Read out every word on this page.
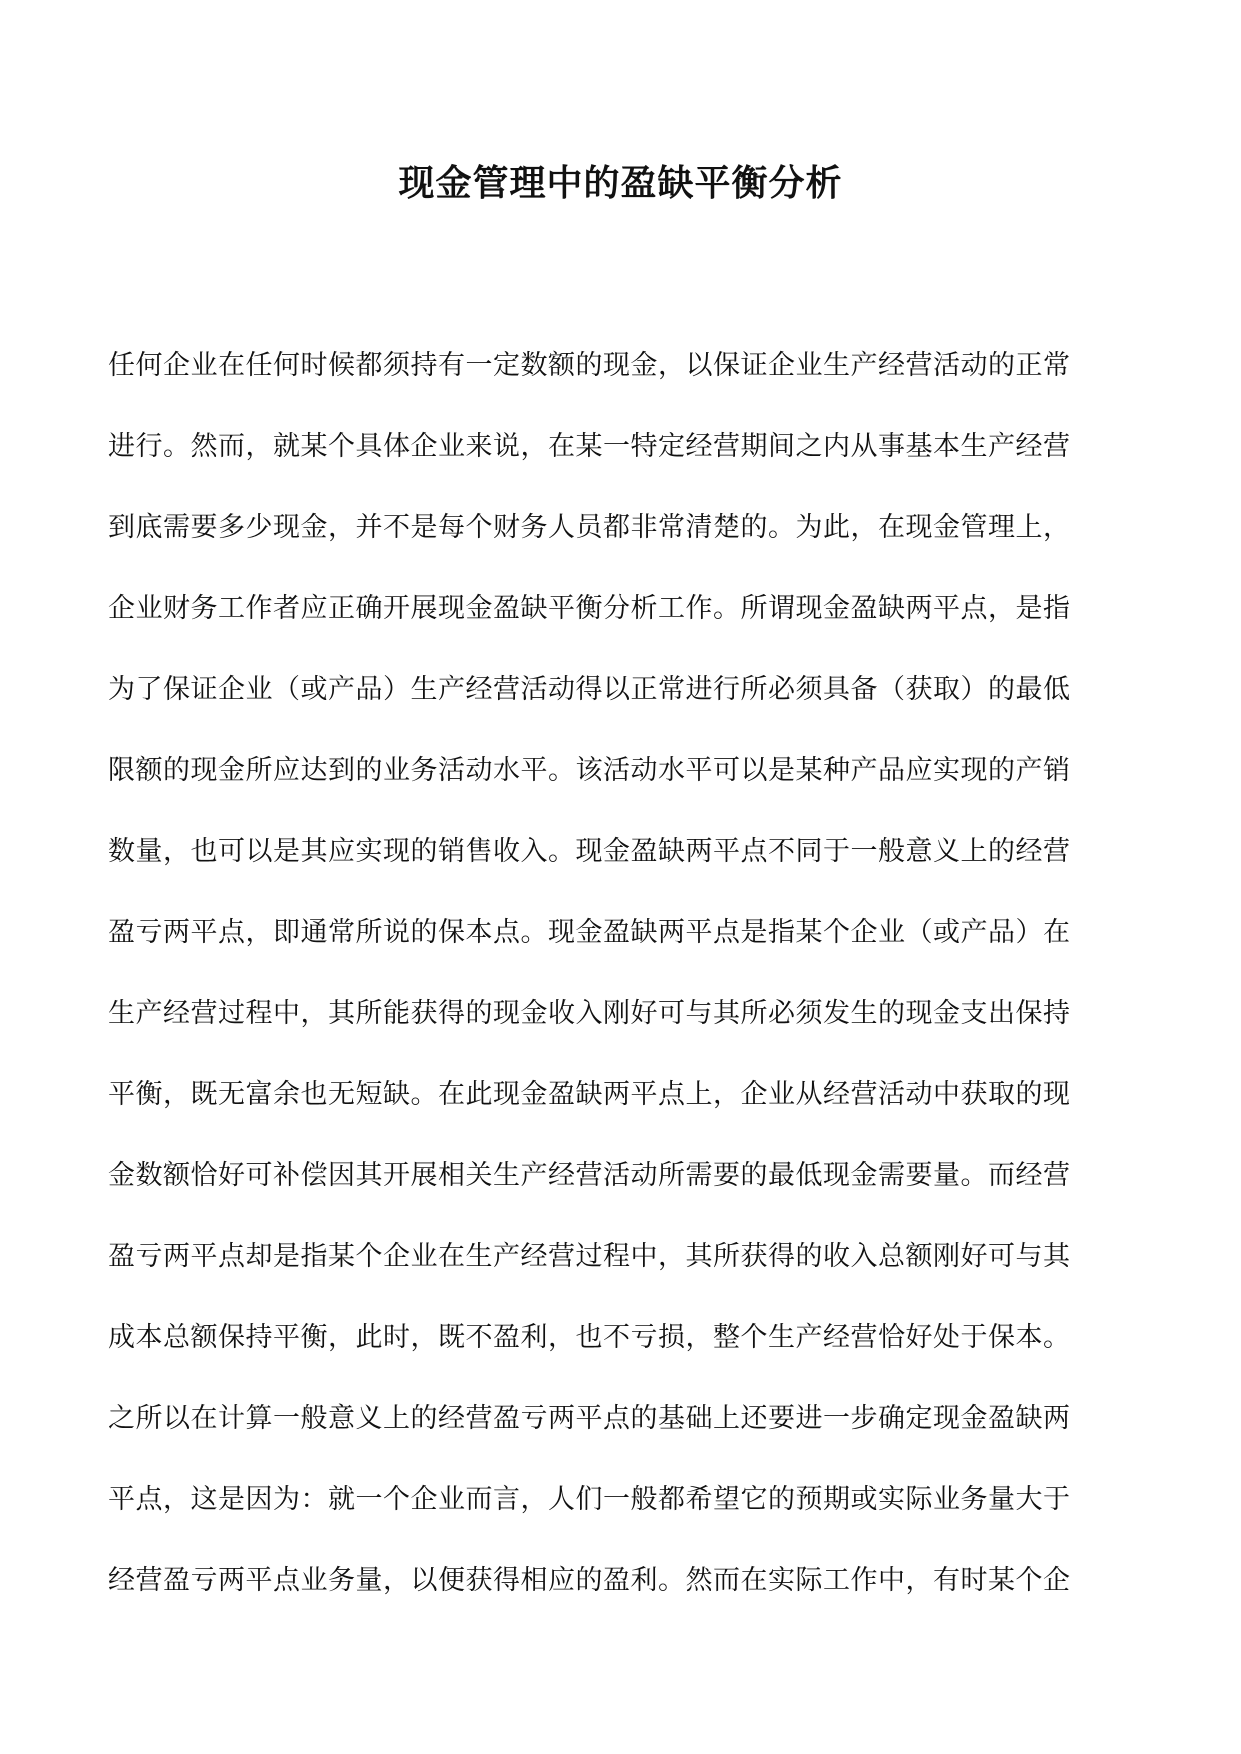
现金管理中的盈缺平衡分析
任何企业在任何时候都须持有一定数额的现金，以保证企业生产经营活动的正常
进行。然而，就某个具体企业来说，在某一特定经营期间之内从事基本生产经营
到底需要多少现金，并不是每个财务人员都非常清楚的。为此，在现金管理上，
企业财务工作者应正确开展现金盈缺平衡分析工作。所谓现金盈缺两平点，是指
为了保证企业（或产品）生产经营活动得以正常进行所必须具备（获取）的最低
限额的现金所应达到的业务活动水平。该活动水平可以是某种产品应实现的产销
数量，也可以是其应实现的销售收入。现金盈缺两平点不同于一般意义上的经营
盈亏两平点，即通常所说的保本点。现金盈缺两平点是指某个企业（或产品）在
生产经营过程中，其所能获得的现金收入刚好可与其所必须发生的现金支出保持
平衡，既无富余也无短缺。在此现金盈缺两平点上，企业从经营活动中获取的现
金数额恰好可补偿因其开展相关生产经营活动所需要的最低现金需要量。而经营
盈亏两平点却是指某个企业在生产经营过程中，其所获得的收入总额刚好可与其
成本总额保持平衡，此时，既不盈利，也不亏损，整个生产经营恰好处于保本。
之所以在计算一般意义上的经营盈亏两平点的基础上还要进一步确定现金盈缺两
平点，这是因为：就一个企业而言，人们一般都希望它的预期或实际业务量大于
经营盈亏两平点业务量，以便获得相应的盈利。然而在实际工作中，有时某个企
